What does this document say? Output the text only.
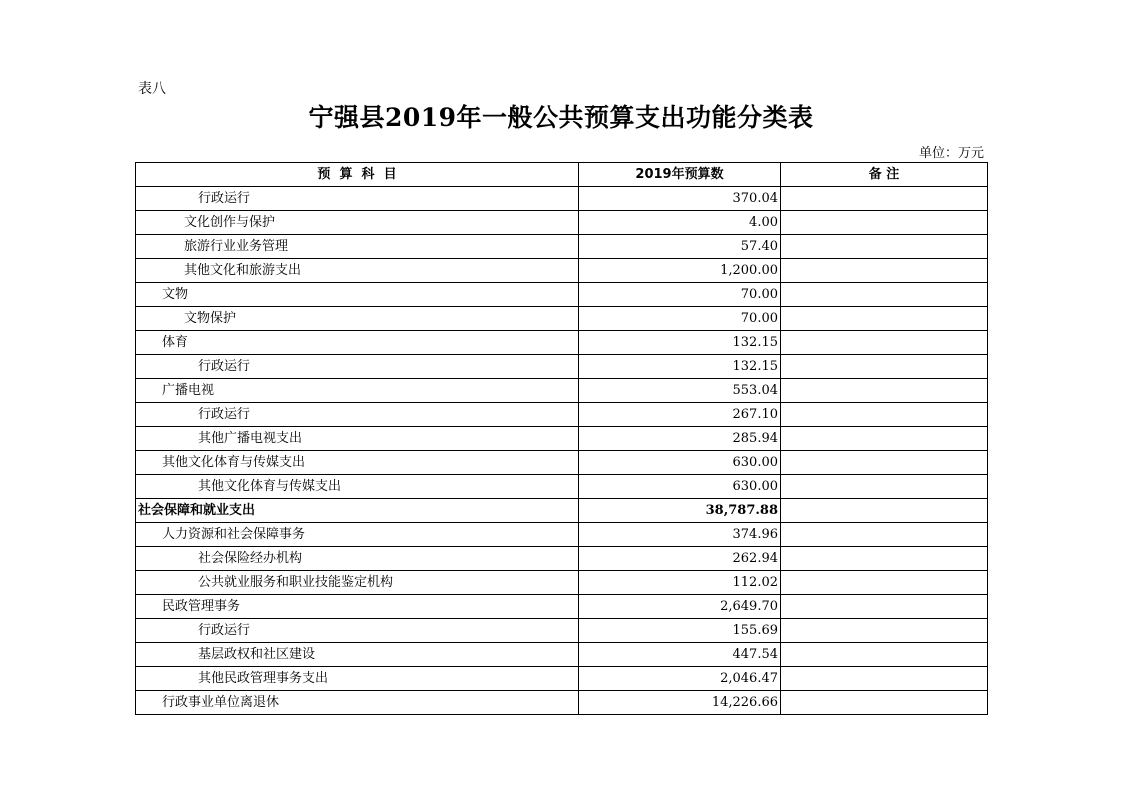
表八
宁强县2019年一般公共预算支出功能分类表
单位：万元
预  算  科  目	2019年预算数	备 注
行政运行	370.04	
文化创作与保护	4.00	
旅游行业业务管理	57.40	
其他文化和旅游支出	1,200.00	
文物	70.00	
文物保护	70.00	
体育	132.15	
行政运行	132.15	
广播电视	553.04	
行政运行	267.10	
其他广播电视支出	285.94	
其他文化体育与传媒支出	630.00	
其他文化体育与传媒支出	630.00	
社会保障和就业支出	38,787.88	
人力资源和社会保障事务	374.96	
社会保险经办机构	262.94	
公共就业服务和职业技能鉴定机构	112.02	
民政管理事务	2,649.70	
行政运行	155.69	
基层政权和社区建设	447.54	
其他民政管理事务支出	2,046.47	
行政事业单位离退休	14,226.66	
